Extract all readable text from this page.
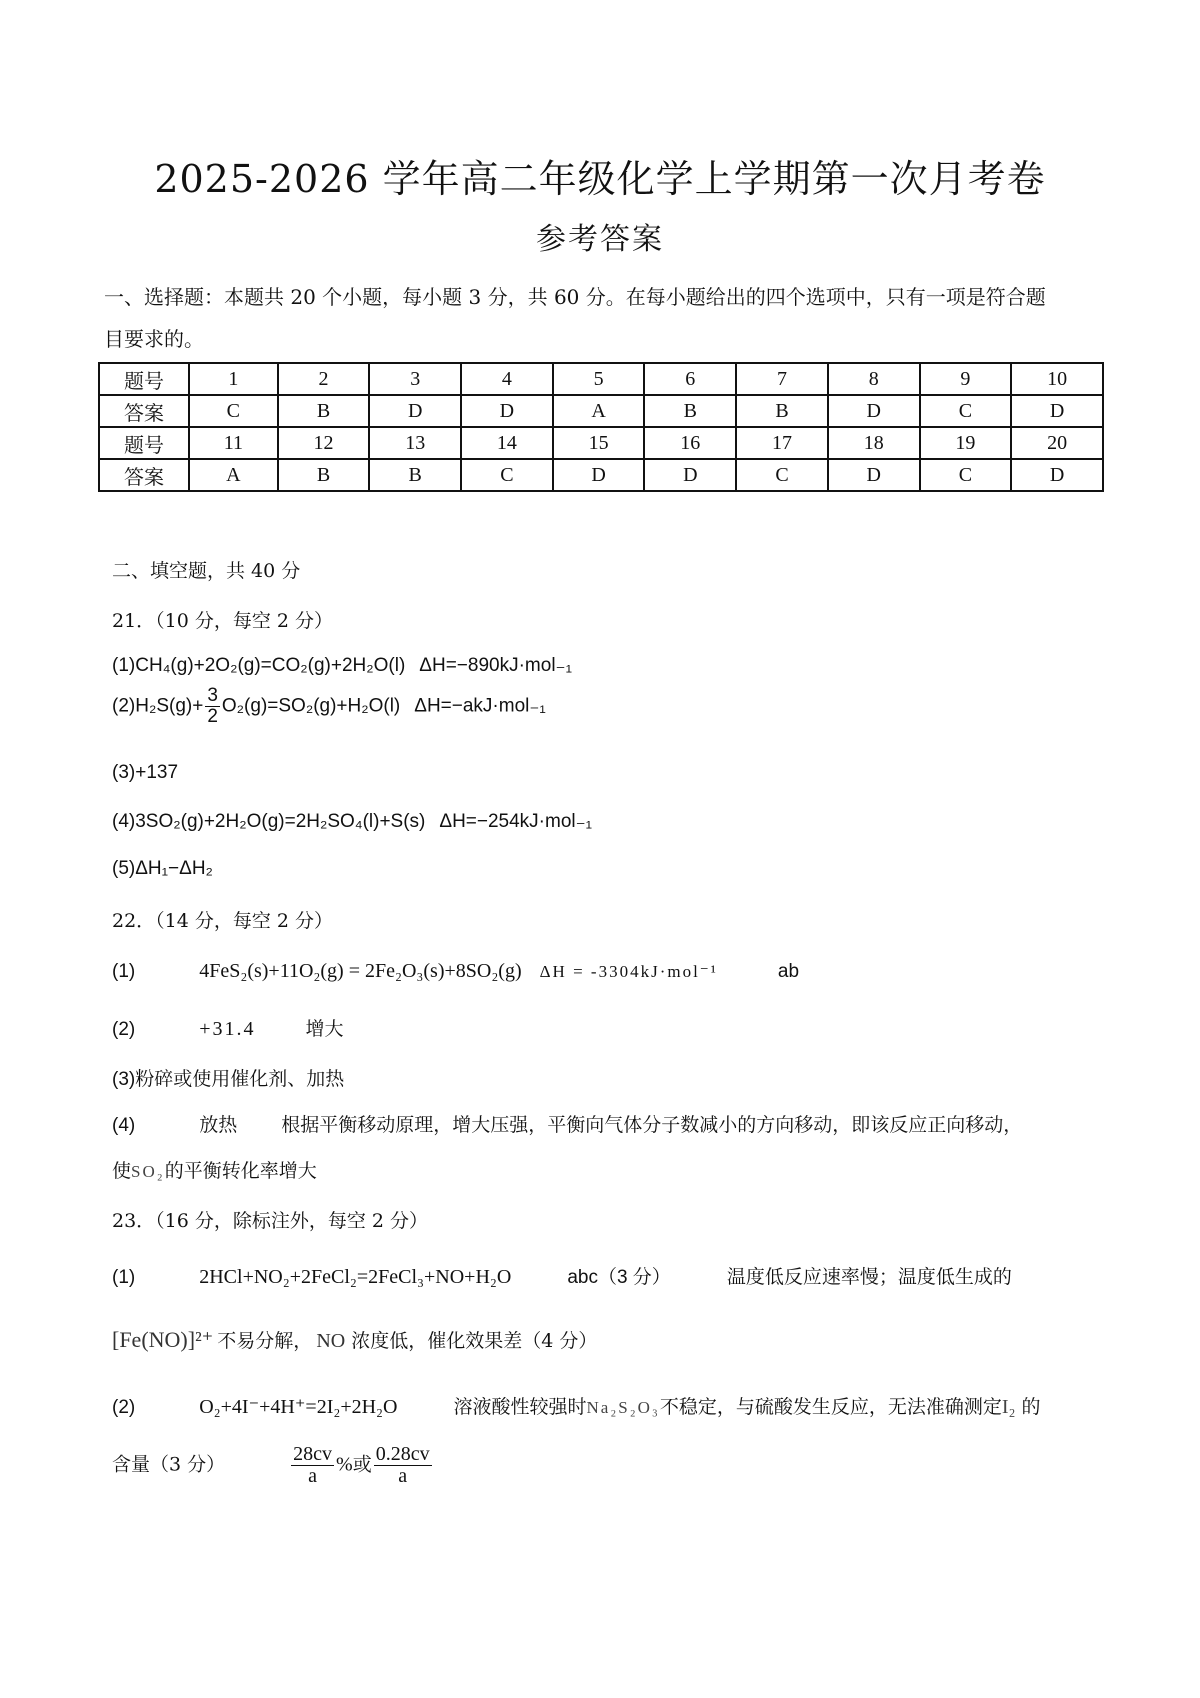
2025-2026 学年高二年级化学上学期第一次月考卷
参考答案
一、选择题：本题共 20 个小题，每小题 3 分，共 60 分。在每小题给出的四个选项中，只有一项是符合题
目要求的。
题号	1	2	3	4	5	6	7	8	9	10
答案	C	B	D	D	A	B	B	D	C	D
题号	11	12	13	14	15	16	17	18	19	20
答案	A	B	B	C	D	D	C	D	C	D
二、填空题，共 40 分
21．（10 分，每空 2 分）
(1)CH₄(g)+2O₂(g)=CO₂(g)+2H₂O(l) ΔH=−890kJ·mol₋₁
$(2)H_2S(g)+ \frac{3}{2} O_2(g)=SO_2(g)+H_2O(l)$ ΔH=−akJ·mol₋₁
(3)+137
(4)3SO₂(g)+2H₂O(g)=2H₂SO₄(l)+S(s) ΔH=−254kJ·mol₋₁
(5)ΔH₁−ΔH₂
22．（14 分，每空 2 分）
(1)	4FeS₂(s)+11O₂(g) = 2Fe₂O₃(s)+8SO₂(g) ΔH = -3304kJ·mol⁻¹	ab
(2)	+31.4	增大
(3)粉碎或使用催化剂、加热
(4)	放热 根据平衡移动原理，增大压强，平衡向气体分子数减小的方向移动，即该反应正向移动，
使SO₂的平衡转化率增大
23．（16 分，除标注外，每空 2 分）
(1)	2HCl+NO₂+2FeCl₂=2FeCl₃+NO+H₂O	abc（3 分）	温度低反应速率慢；温度低生成的
[Fe(NO)]²⁺ 不易分解， NO 浓度低，催化效果差（4 分）
(2)	O₂+4I⁻+4H⁺=2I₂+2H₂O	溶液酸性较强时Na₂S₂O₃不稳定，与硫酸发生反应，无法准确测定I₂ 的
含量（3 分）	$\frac{28cv}{a}$ %或 $\frac{0.28cv}{a}$
